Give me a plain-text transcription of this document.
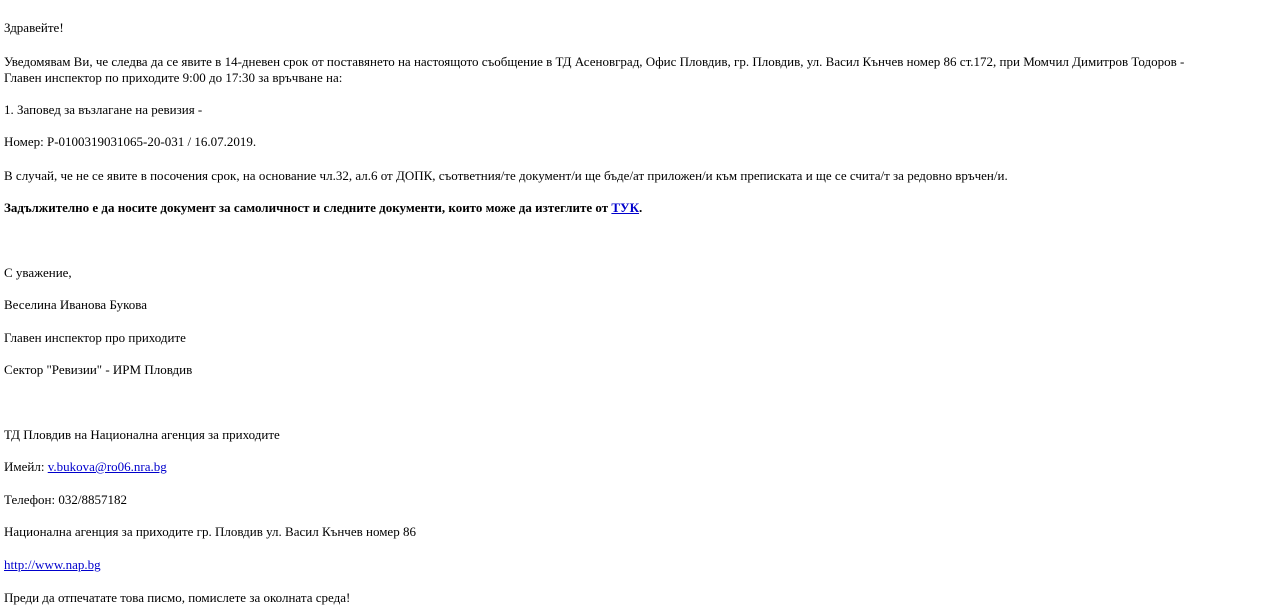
Здравейте!
Уведомявам Ви, че следва да се явите в 14-дневен срок от поставянето на настоящото съобщение в ТД Асеновград, Офис Пловдив, гр. Пловдив, ул. Васил Кънчев номер 86 ст.172, при Момчил Димитров Тодоров -
Главен инспектор по приходите 9:00 до 17:30 за връчване на:
1. Заповед за възлагане на ревизия -
Номер: Р-0100319031065-20-031 / 16.07.2019.
В случай, че не се явите в посочения срок, на основание чл.32, ал.6 от ДОПК, съответния/те документ/и ще бъде/ат приложен/и към преписката и ще се счита/т за редовно връчен/и.
Задължително е да носите документ за самоличност и следните документи, които може да изтеглите от ТУК.
С уважение,
Веселина Иванова Букова
Главен инспектор про приходите
Сектор "Ревизии" - ИРМ Пловдив
ТД Пловдив на Национална агенция за приходите
Имейл: v.bukova@ro06.nra.bg
Телефон: 032/8857182
Национална агенция за приходите гр. Пловдив ул. Васил Кънчев номер 86
http://www.nap.bg
Преди да отпечатате това писмо, помислете за околната среда!
